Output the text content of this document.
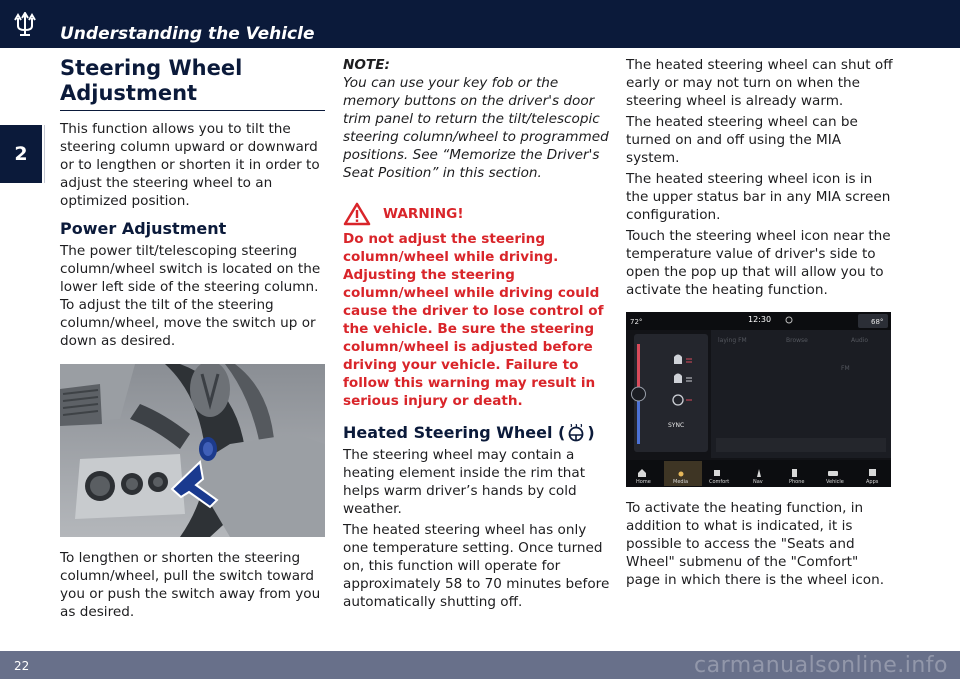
Understanding the Vehicle
2
Steering Wheel Adjustment
This function allows you to tilt the steering column upward or downward or to lengthen or shorten it in order to adjust the steering wheel to an optimized position.
Power Adjustment
The power tilt/telescoping steering column/wheel switch is located on the lower left side of the steering column. To adjust the tilt of the steering column/wheel, move the switch up or down as desired.
To lengthen or shorten the steering column/wheel, pull the switch toward you or push the switch away from you as desired.
NOTE:
You can use your key fob or the memory buttons on the driver's door trim panel to return the tilt/telescopic steering column/wheel to programmed positions. See “Memorize the Driver's Seat Position” in this section.
WARNING!
Do not adjust the steering column/wheel while driving. Adjusting the steering column/wheel while driving could cause the driver to lose control of the vehicle. Be sure the steering column/wheel is adjusted before driving your vehicle. Failure to follow this warning may result in serious injury or death.
Heated Steering Wheel ( )
The steering wheel may contain a heating element inside the rim that helps warm driver’s hands by cold weather.
The heated steering wheel has only one temperature setting. Once turned on, this function will operate for approximately 58 to 70 minutes before automatically shutting off.
The heated steering wheel can shut off early or may not turn on when the steering wheel is already warm.
The heated steering wheel can be turned on and off using the MIA system.
The heated steering wheel icon is in the upper status bar in any MIA screen configuration.
Touch the steering wheel icon near the temperature value of driver's side to open the pop up that will allow you to activate the heating function.
72°	12:30	68°
laying FM	Browse	Audio
FM
SYNC
Home	Media	Comfort	Nav	Phone	Vehicle	Apps
To activate the heating function, in addition to what is indicated, it is possible to access the "Seats and Wheel" submenu of the "Comfort" page in which there is the wheel icon.
22	carmanualsonline.info
